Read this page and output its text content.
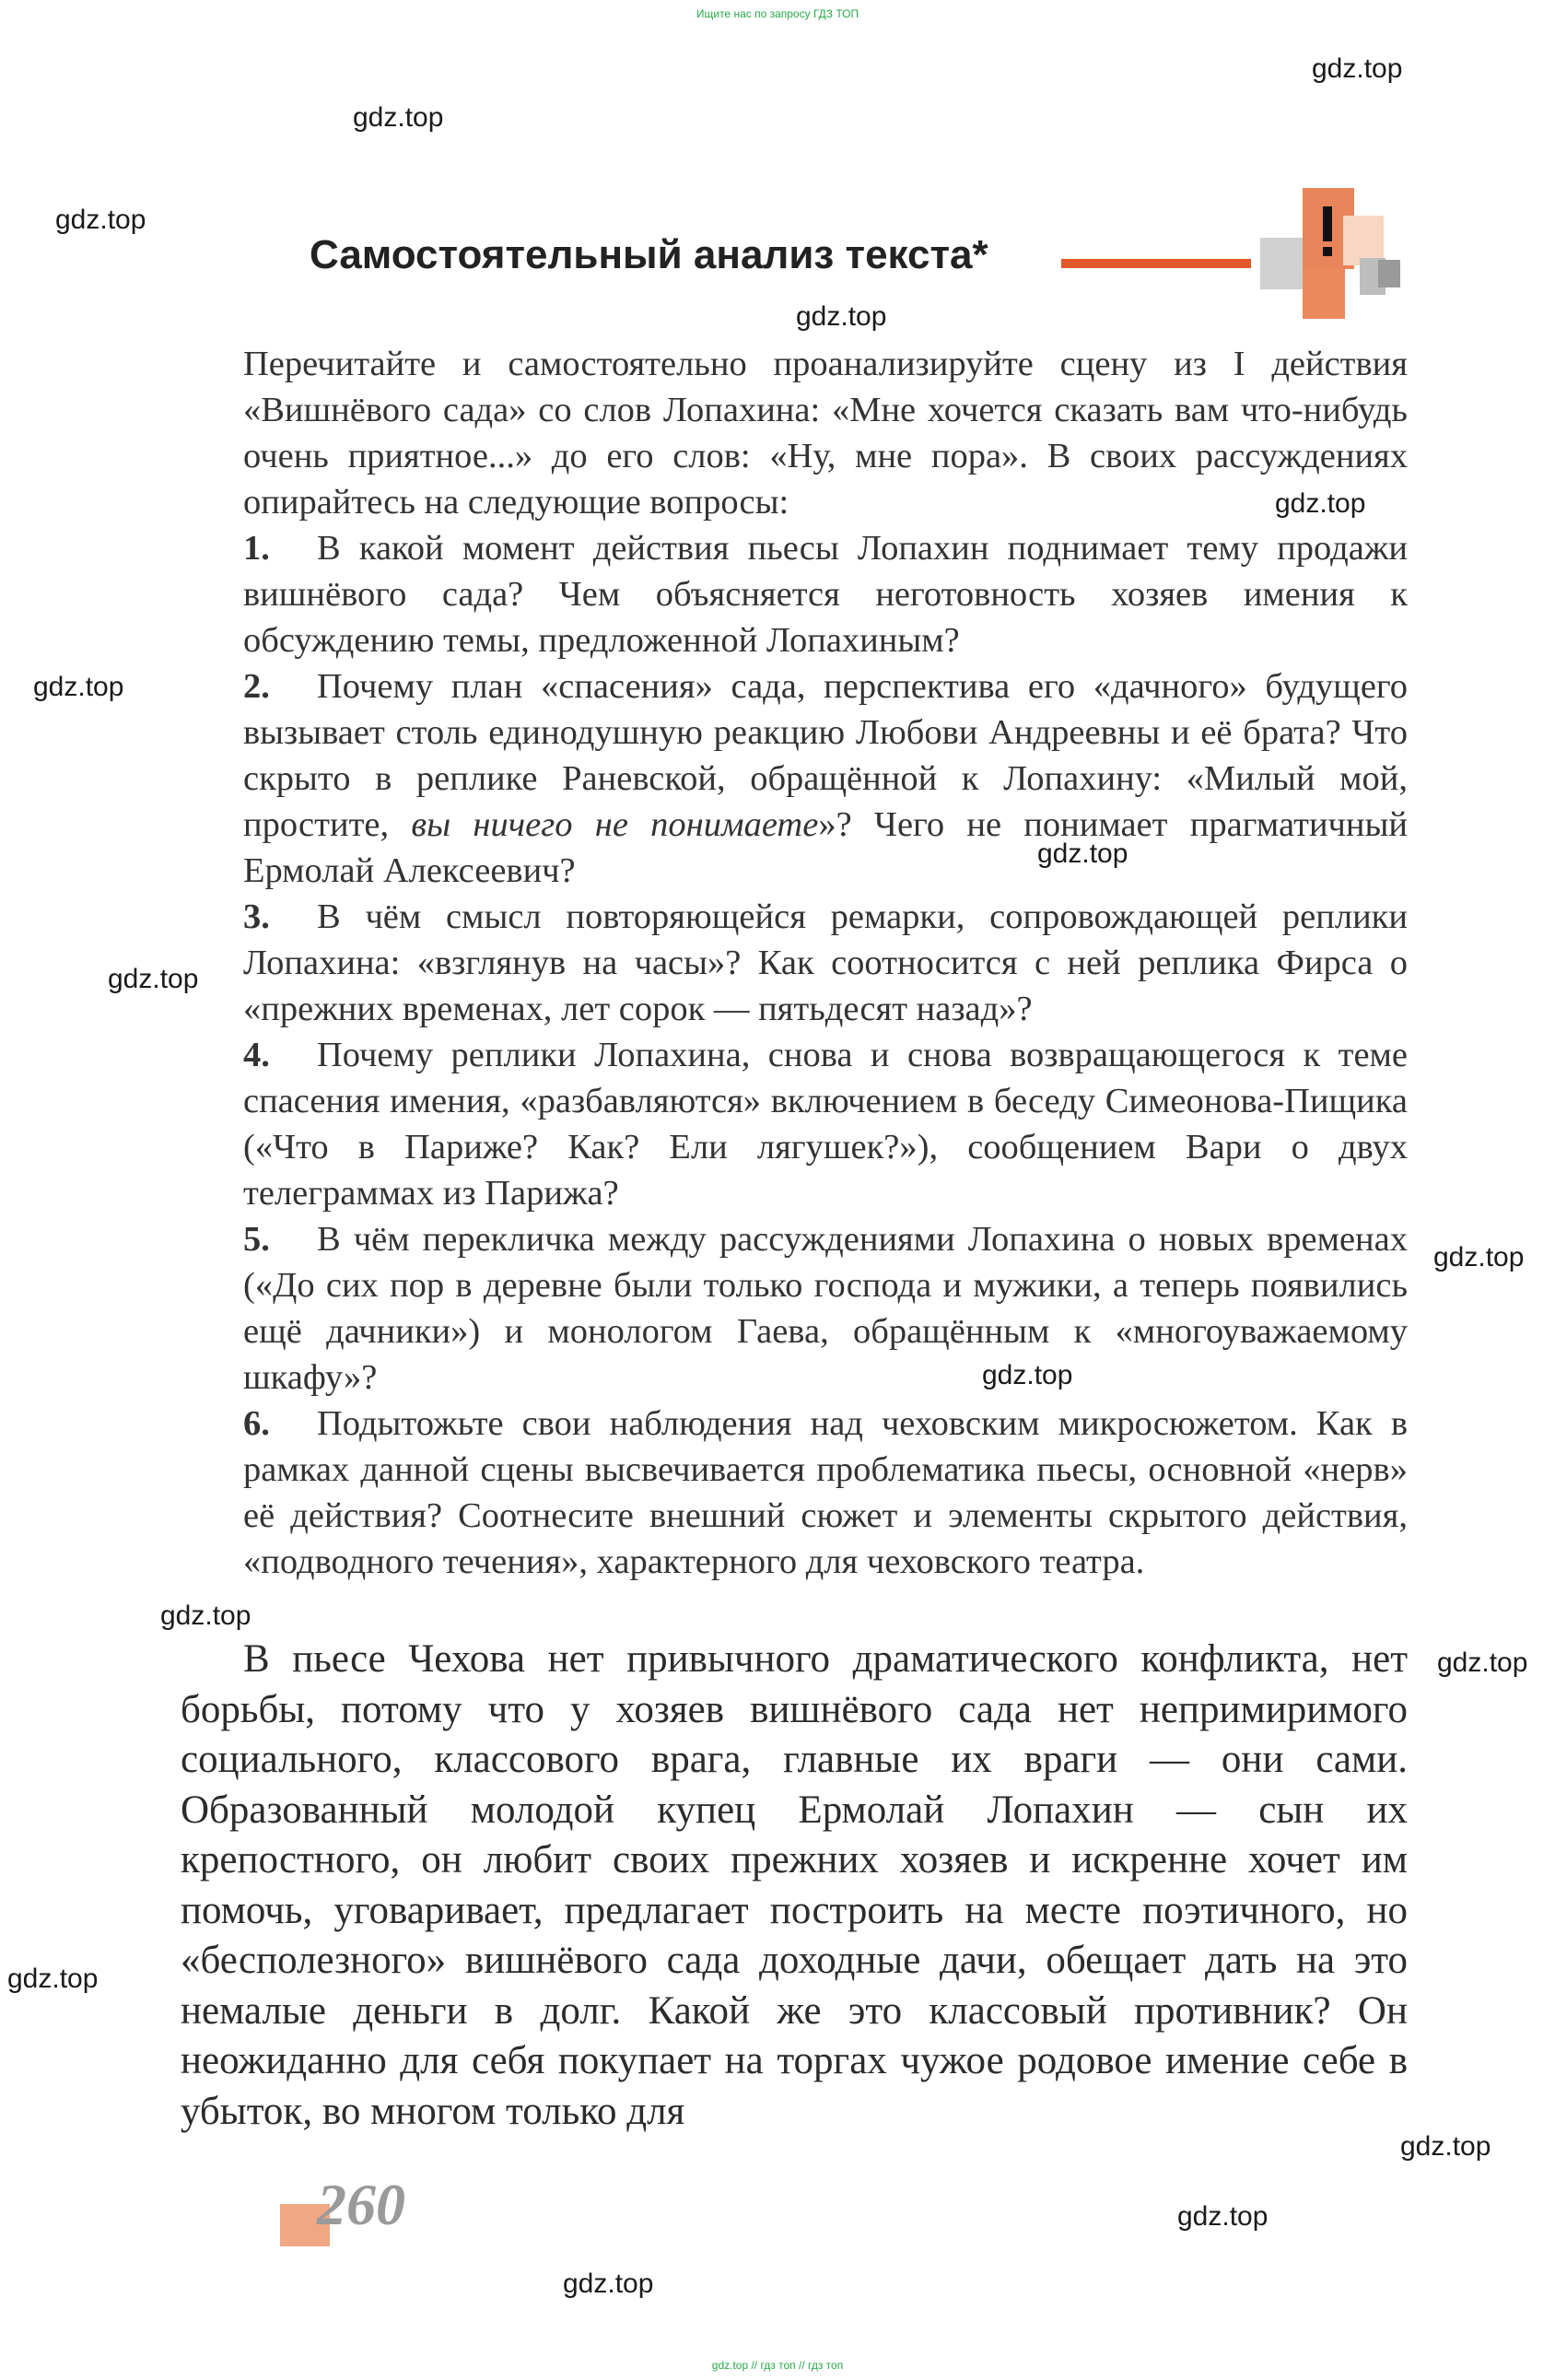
Ищите нас по запросу ГДЗ ТОП
gdz.top
gdz.top
gdz.top
gdz.top
gdz.top
gdz.top
gdz.top
gdz.top
gdz.top
gdz.top
gdz.top
gdz.top
gdz.top
gdz.top
gdz.top
gdz.top
Самостоятельный анализ текста*

Перечитайте и самостоятельно проанализируйте сцену из I действия «Вишнёвого сада» со слов Лопахина: «Мне хочется сказать вам что-нибудь очень приятное...» до его слов: «Ну, мне пора». В своих рассуждениях опирайтесь на следующие вопросы:

1. В какой момент действия пьесы Лопахин поднимает тему продажи вишнёвого сада? Чем объясняется неготовность хозяев имения к обсуждению темы, предложенной Лопахиным?

2. Почему план «спасения» сада, перспектива его «дачного» будущего вызывает столь единодушную реакцию Любови Андреевны и её брата? Что скрыто в реплике Раневской, обращённой к Лопахину: «Милый мой, простите, вы ничего не понимаете»? Чего не понимает прагматичный Ермолай Алексеевич?

3. В чём смысл повторяющейся ремарки, сопровождающей реплики Лопахина: «взглянув на часы»? Как соотносится с ней реплика Фирса о «прежних временах, лет сорок — пятьдесят назад»?

4. Почему реплики Лопахина, снова и снова возвращающегося к теме спасения имения, «разбавляются» включением в беседу Симеонова-Пищика («Что в Париже? Как? Ели лягушек?»), сообщением Вари о двух телеграммах из Парижа?

5. В чём перекличка между рассуждениями Лопахина о новых временах («До сих пор в деревне были только господа и мужики, а теперь появились ещё дачники») и монологом Гаева, обращённым к «многоуважаемому шкафу»?

6. Подытожьте свои наблюдения над чеховским микросюжетом. Как в рамках данной сцены высвечивается проблематика пьесы, основной «нерв» её действия? Соотнесите внешний сюжет и элементы скрытого действия, «подводного течения», характерного для чеховского театра.

В пьесе Чехова нет привычного драматического конфликта, нет борьбы, потому что у хозяев вишнёвого сада нет непримиримого социального, классового врага, главные их враги — они сами. Образованный молодой купец Ермолай Лопахин — сын их крепостного, он любит своих прежних хозяев и искренне хочет им помочь, уговаривает, предлагает построить на месте поэтичного, но «бесполезного» вишнёвого сада доходные дачи, обещает дать на это немалые деньги в долг. Какой же это классовый противник? Он неожиданно для себя покупает на торгах чужое родовое имение себе в убыток, во многом только для

260
gdz.top // гдз топ // гдз топ
